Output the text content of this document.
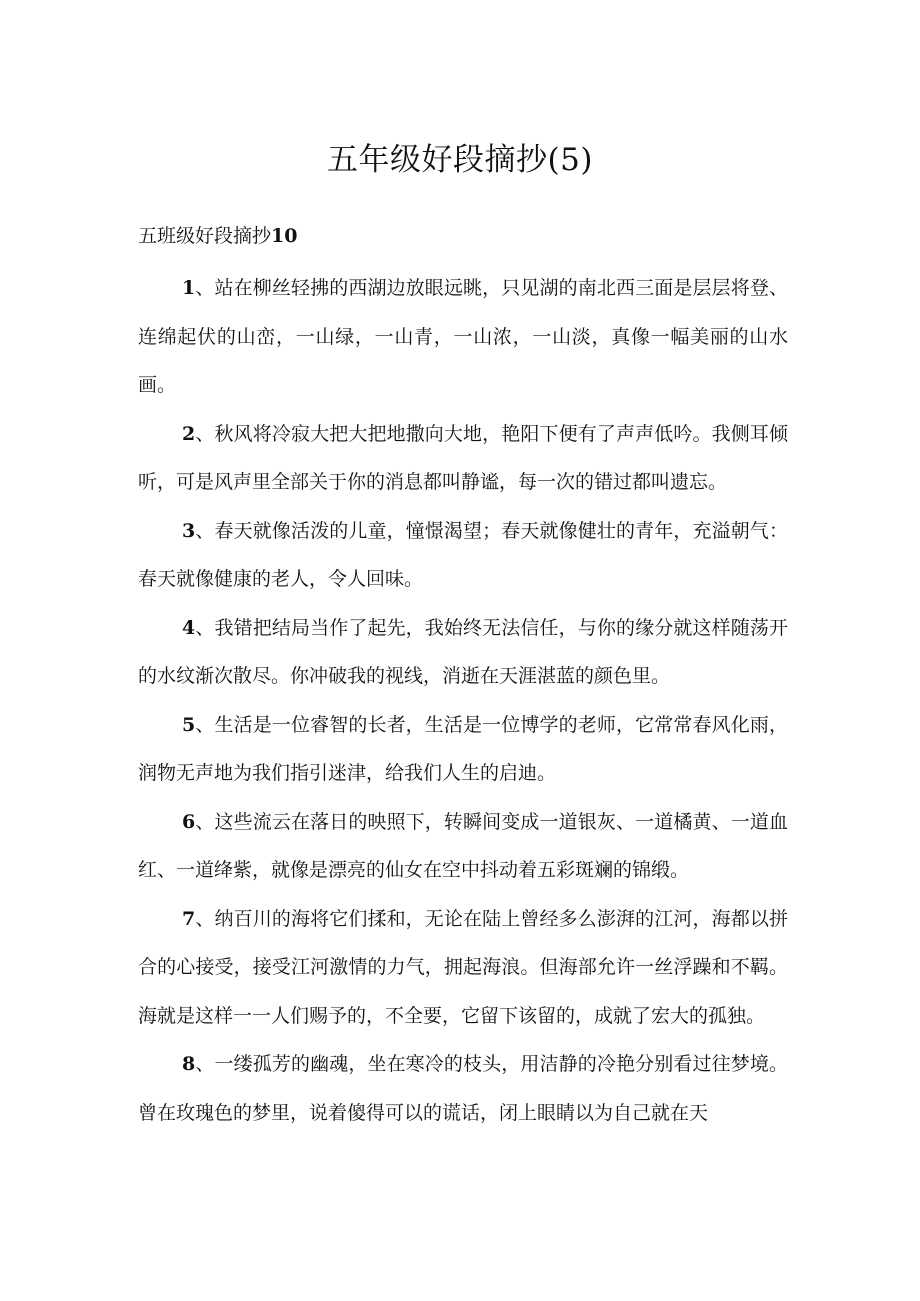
五年级好段摘抄(5)

五班级好段摘抄10

1、站在柳丝轻拂的西湖边放眼远眺，只见湖的南北西三面是层层将登、连绵起伏的山峦，一山绿，一山青，一山浓，一山淡，真像一幅美丽的山水画。

2、秋风将冷寂大把大把地撒向大地，艳阳下便有了声声低吟。我侧耳倾听，可是风声里全部关于你的消息都叫静谧，每一次的错过都叫遗忘。

3、春天就像活泼的儿童，憧憬渴望；春天就像健壮的青年，充溢朝气：春天就像健康的老人，令人回味。

4、我错把结局当作了起先，我始终无法信任，与你的缘分就这样随荡开的水纹渐次散尽。你冲破我的视线，消逝在天涯湛蓝的颜色里。

5、生活是一位睿智的长者，生活是一位博学的老师，它常常春风化雨，润物无声地为我们指引迷津，给我们人生的启迪。

6、这些流云在落日的映照下，转瞬间变成一道银灰、一道橘黄、一道血红、一道绛紫，就像是漂亮的仙女在空中抖动着五彩斑斓的锦缎。

7、纳百川的海将它们揉和，无论在陆上曾经多么澎湃的江河，海都以拼合的心接受，接受江河激情的力气，拥起海浪。但海部允许一丝浮躁和不羁。海就是这样一一人们赐予的，不全要，它留下该留的，成就了宏大的孤独。

8、一缕孤芳的幽魂，坐在寒冷的枝头，用洁静的冷艳分别看过往梦境。曾在玫瑰色的梦里，说着傻得可以的谎话，闭上眼睛以为自己就在天
